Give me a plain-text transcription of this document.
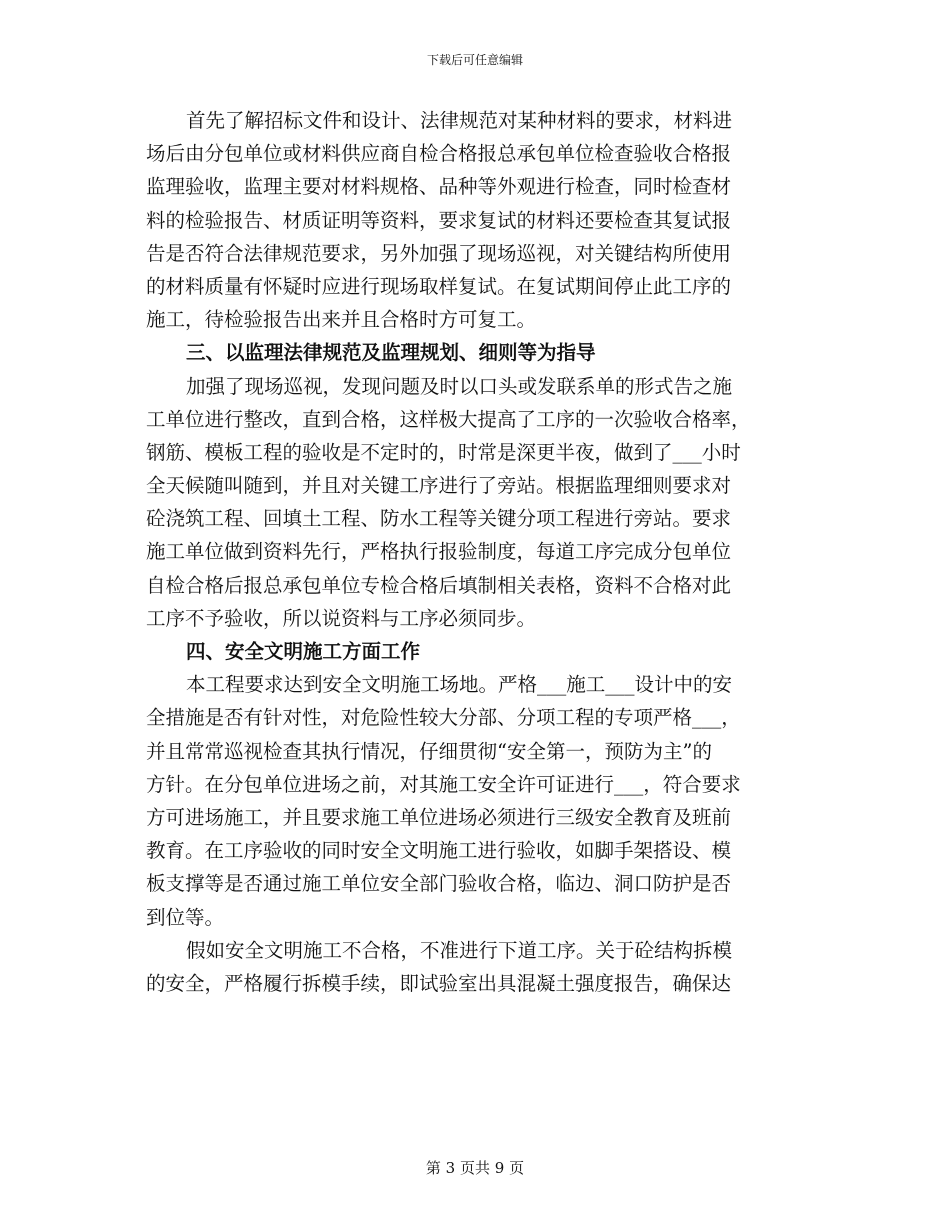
下载后可任意编辑
首先了解招标文件和设计、法律规范对某种材料的要求，材料进
场后由分包单位或材料供应商自检合格报总承包单位检查验收合格报
监理验收，监理主要对材料规格、品种等外观进行检查，同时检查材
料的检验报告、材质证明等资料，要求复试的材料还要检查其复试报
告是否符合法律规范要求，另外加强了现场巡视，对关键结构所使用
的材料质量有怀疑时应进行现场取样复试。在复试期间停止此工序的
施工，待检验报告出来并且合格时方可复工。
三、以监理法律规范及监理规划、细则等为指导
加强了现场巡视，发现问题及时以口头或发联系单的形式告之施
工单位进行整改，直到合格，这样极大提高了工序的一次验收合格率，
钢筋、模板工程的验收是不定时的，时常是深更半夜，做到了___小时
全天候随叫随到，并且对关键工序进行了旁站。根据监理细则要求对
砼浇筑工程、回填土工程、防水工程等关键分项工程进行旁站。要求
施工单位做到资料先行，严格执行报验制度，每道工序完成分包单位
自检合格后报总承包单位专检合格后填制相关表格，资料不合格对此
工序不予验收，所以说资料与工序必须同步。
四、安全文明施工方面工作
本工程要求达到安全文明施工场地。严格___施工___设计中的安
全措施是否有针对性，对危险性较大分部、分项工程的专项严格___，
并且常常巡视检查其执行情况，仔细贯彻“安全第一，预防为主”的
方针。在分包单位进场之前，对其施工安全许可证进行___，符合要求
方可进场施工，并且要求施工单位进场必须进行三级安全教育及班前
教育。在工序验收的同时安全文明施工进行验收，如脚手架搭设、模
板支撑等是否通过施工单位安全部门验收合格，临边、洞口防护是否
到位等。
假如安全文明施工不合格，不准进行下道工序。关于砼结构拆模
的安全，严格履行拆模手续，即试验室出具混凝土强度报告，确保达
第 3 页共 9 页
